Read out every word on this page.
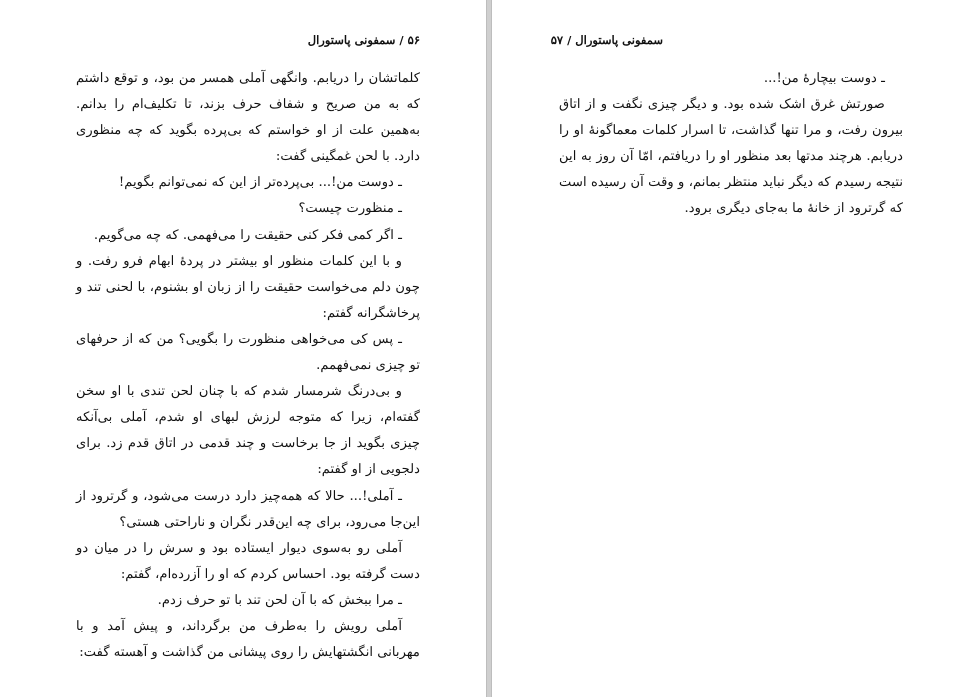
۵۶ / سمفونی پاستورال

کلماتشان را دریابم. وانگهی آملی همسر من بود، و توقع داشتم که به من صریح و شفاف حرف بزند، تا تکلیف‌ام را بدانم. به‌همین علت از او خواستم که بی‌پرده بگوید که چه منظوری دارد. با لحن غمگینی گفت:

ـ دوست من!... بی‌پرده‌تر از این که نمی‌توانم بگویم!

ـ منظورت چیست؟

ـ اگر کمی فکر کنی حقیقت را می‌فهمی. که چه می‌گویم.

و با این کلمات منظور او بیشتر در پردهٔ ابهام فرو رفت. و چون دلم می‌خواست حقیقت را از زبان او بشنوم، با لحنی تند و پرخاشگرانه گفتم:

ـ پس کی می‌خواهی منظورت را بگویی؟ من که از حرفهای تو چیزی نمی‌فهمم.

و بی‌درنگ شرمسار شدم که با چنان لحن تندی با او سخن گفته‌ام، زیرا که متوجه لرزش لبهای او شدم، آملی بی‌آنکه چیزی بگوید از جا برخاست و چند قدمی در اتاق قدم زد. برای دلجویی از او گفتم:

ـ آملی!... حالا که همه‌چیز دارد درست می‌شود، و گرترود از این‌جا می‌رود، برای چه این‌قدر نگران و ناراحتی هستی؟

آملی رو به‌سوی دیوار ایستاده بود و سرش را در میان دو دست گرفته بود. احساس کردم که او را آزرده‌ام، گفتم:

ـ مرا ببخش که با آن لحن تند با تو حرف زدم.

آملی رویش را به‌طرف من برگرداند، و پیش آمد و با مهربانی انگشتهایش را روی پیشانی من گذاشت و آهسته گفت:

سمفونی پاستورال / ۵۷

ـ دوست بیچارهٔ من!...

صورتش غرق اشک شده بود. و دیگر چیزی نگفت و از اتاق بیرون رفت، و مرا تنها گذاشت، تا اسرار کلمات معماگونهٔ او را دریابم. هرچند مدتها بعد منظور او را دریافتم، امّا آن روز به این نتیجه رسیدم که دیگر نباید منتظر بمانم، و وقت آن رسیده است که گرترود از خانهٔ ما به‌جای دیگری برود.
